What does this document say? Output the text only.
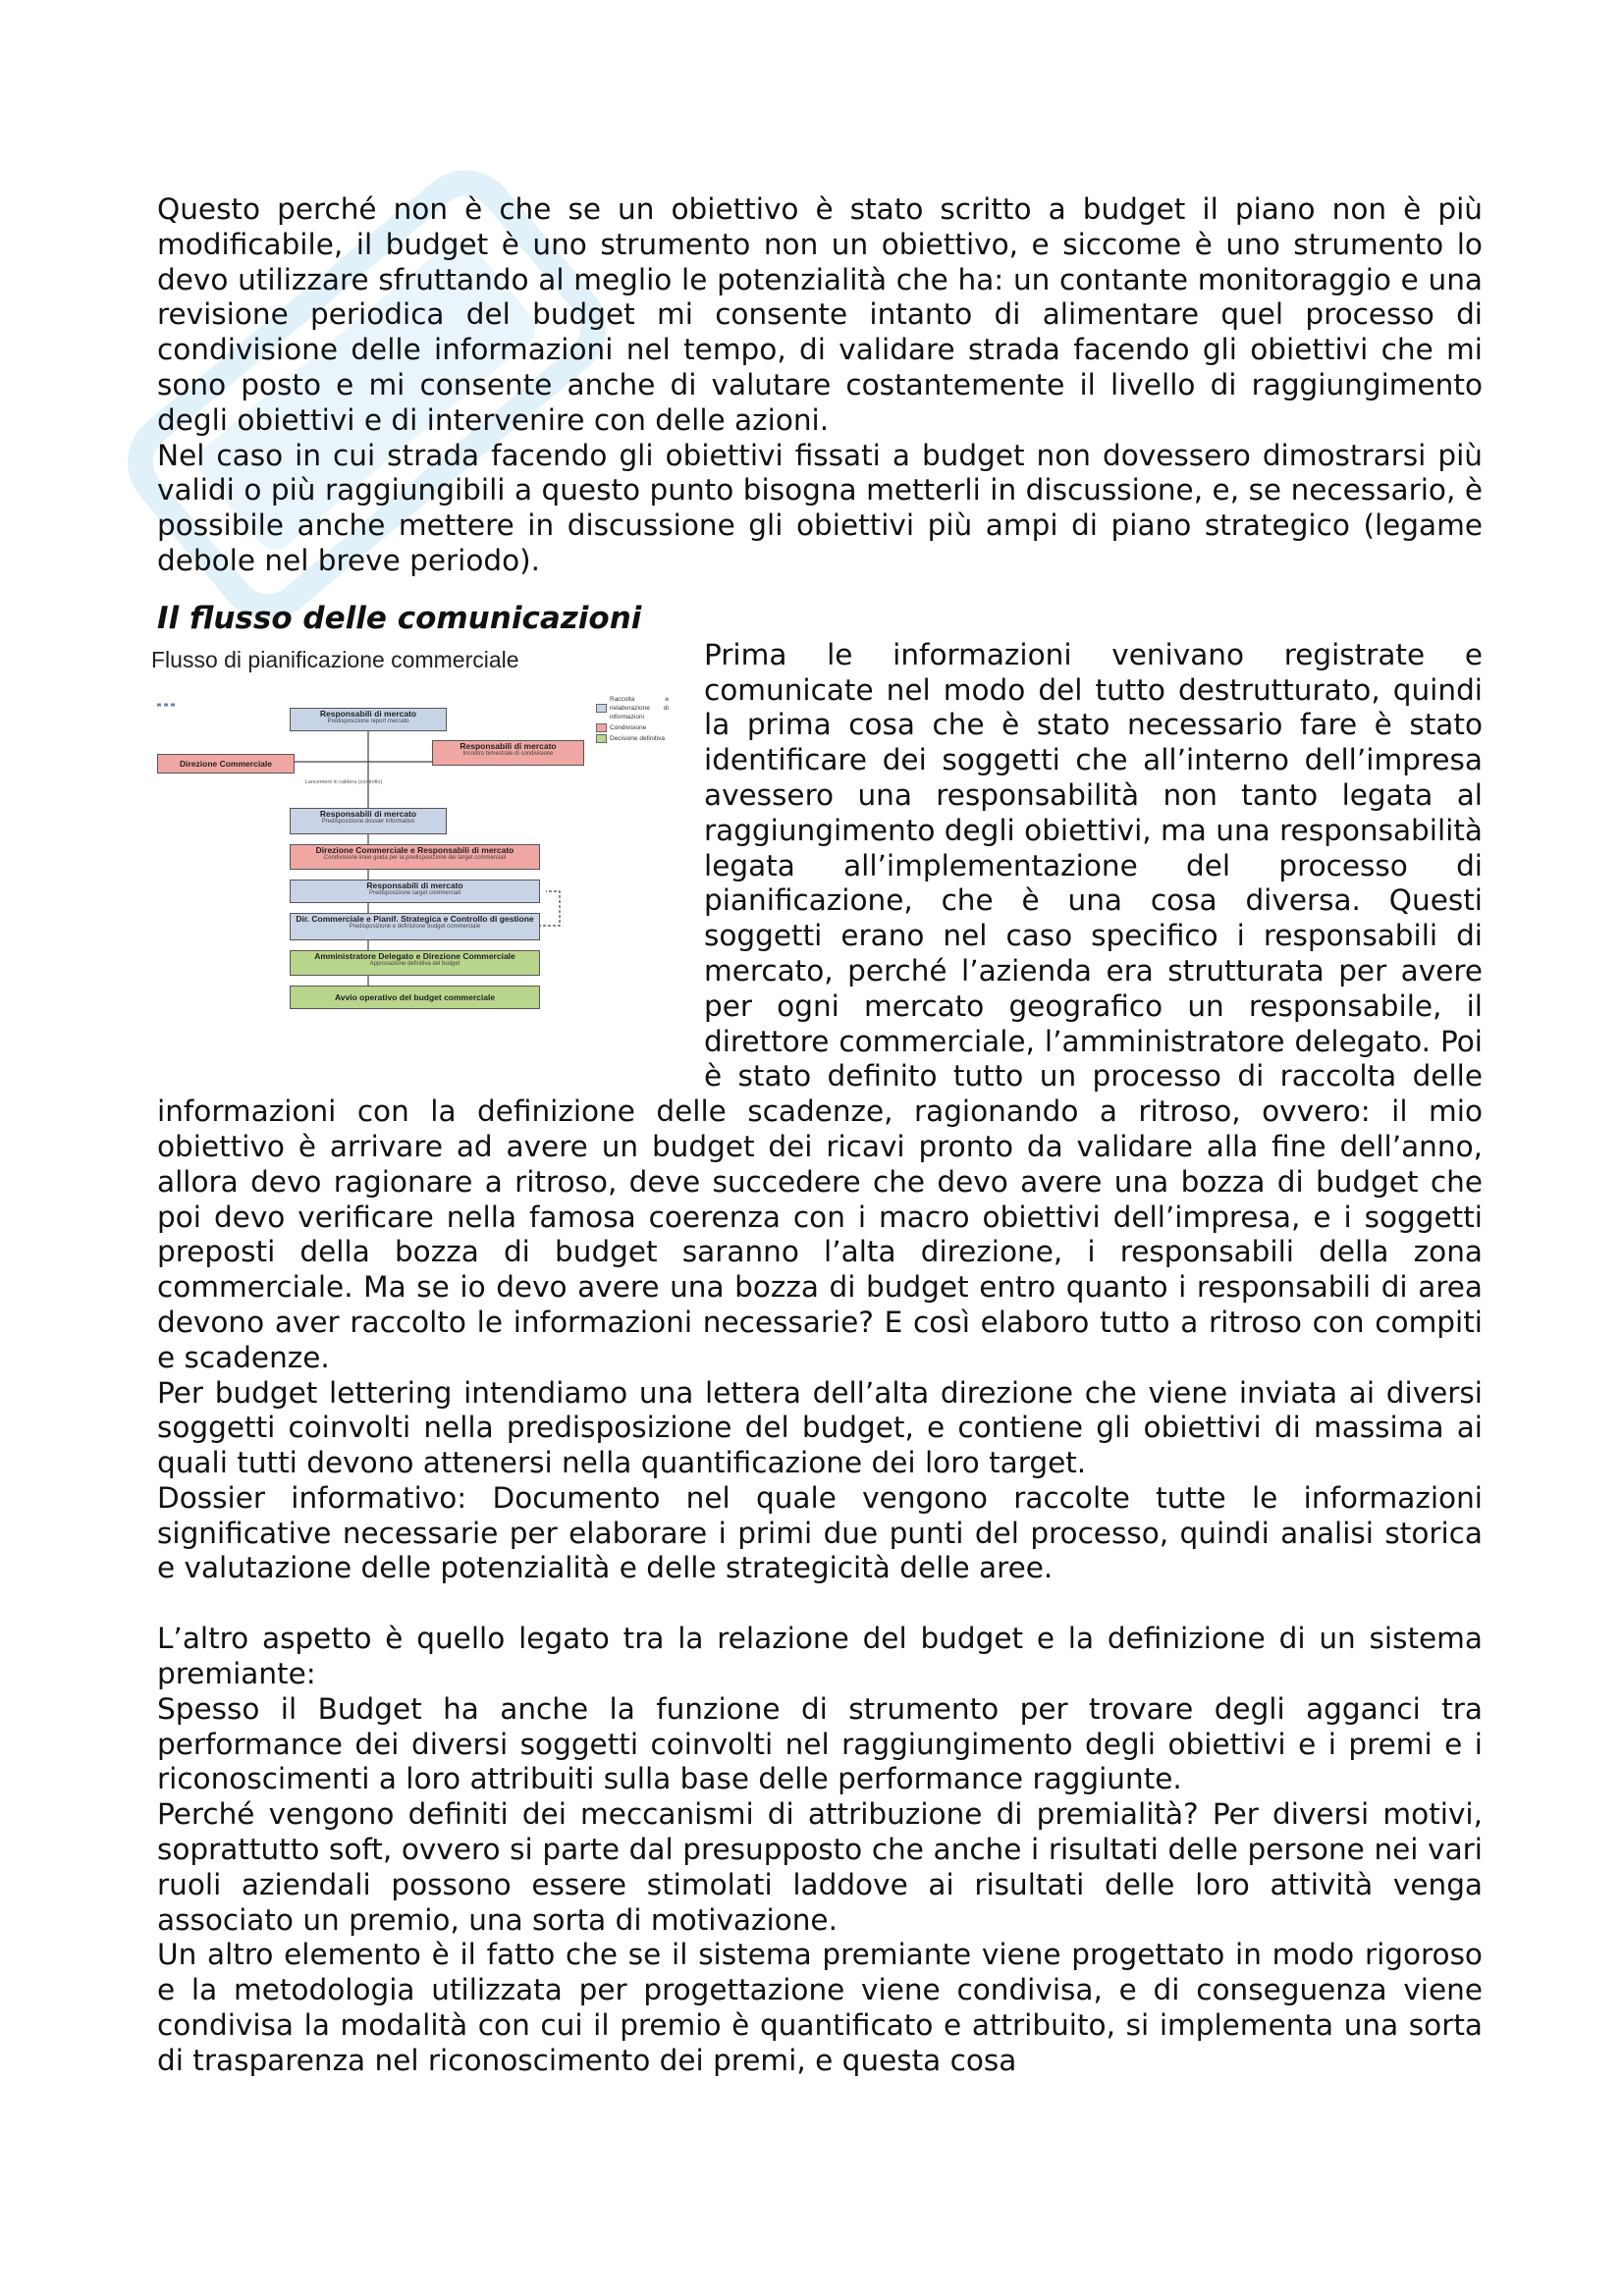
Questo perché non è che se un obiettivo è stato scritto a budget il piano non è più modificabile, il budget è uno strumento non un obiettivo, e siccome è uno strumento lo devo utilizzare sfruttando al meglio le potenzialità che ha: un contante monitoraggio e una revisione periodica del budget mi consente intanto di alimentare quel processo di condivisione delle informazioni nel tempo, di validare strada facendo gli obiettivi che mi sono posto e mi consente anche di valutare costantemente il livello di raggiungimento degli obiettivi e di intervenire con delle azioni.

Nel caso in cui strada facendo gli obiettivi fissati a budget non dovessero dimostrarsi più validi o più raggiungibili a questo punto bisogna metterli in discussione, e, se necessario, è possibile anche mettere in discussione gli obiettivi più ampi di piano strategico (legame debole nel breve periodo).

Il flusso delle comunicazioni
Flusso di pianificazione commerciale
Responsabili di mercato
Predisposizione report mercato
Responsabili di mercato
Incontro bimestrale di condivisione
Direzione Commerciale
Lancement in caldera (controllo)
Responsabili di mercato
Predisposizione dossier informativo
Direzione Commerciale e Responsabili di mercato
Condivisione linee guida per la predisposizione dei target commerciali
Responsabili di mercato
Predisposizione target commerciali
Dir. Commerciale e Pianif. Strategica e Controllo di gestione
Predisposizione e definizione budget commerciale
Amministratore Delegato e Direzione Commerciale
Approvazione definitiva del budget
Avvio operativo del budget commerciale
Raccolta e rielaborazione di informazioni
Condivisione
Decisione definitiva

Prima le informazioni venivano registrate e comunicate nel modo del tutto destrutturato, quindi la prima cosa che è stato necessario fare è stato identificare dei soggetti che all’interno dell’impresa avessero una responsabilità non tanto legata al raggiungimento degli obiettivi, ma una responsabilità legata all’implementazione del processo di pianificazione, che è una cosa diversa. Questi soggetti erano nel caso specifico i responsabili di mercato, perché l’azienda era strutturata per avere per ogni mercato geografico un responsabile, il direttore commerciale, l’amministratore delegato. Poi è stato definito tutto un processo di raccolta delle informazioni con la definizione delle scadenze, ragionando a ritroso, ovvero: il mio obiettivo è arrivare ad avere un budget dei ricavi pronto da validare alla fine dell’anno, allora devo ragionare a ritroso, deve succedere che devo avere una bozza di budget che poi devo verificare nella famosa coerenza con i macro obiettivi dell’impresa, e i soggetti preposti della bozza di budget saranno l’alta direzione, i responsabili della zona commerciale. Ma se io devo avere una bozza di budget entro quanto i responsabili di area devono aver raccolto le informazioni necessarie? E così elaboro tutto a ritroso con compiti e scadenze.

Per budget lettering intendiamo una lettera dell’alta direzione che viene inviata ai diversi soggetti coinvolti nella predisposizione del budget, e contiene gli obiettivi di massima ai quali tutti devono attenersi nella quantificazione dei loro target.

Dossier informativo: Documento nel quale vengono raccolte tutte le informazioni significative necessarie per elaborare i primi due punti del processo, quindi analisi storica e valutazione delle potenzialità e delle strategicità delle aree.

L’altro aspetto è quello legato tra la relazione del budget e la definizione di un sistema premiante:

Spesso il Budget ha anche la funzione di strumento per trovare degli agganci tra performance dei diversi soggetti coinvolti nel raggiungimento degli obiettivi e i premi e i riconoscimenti a loro attribuiti sulla base delle performance raggiunte.

Perché vengono definiti dei meccanismi di attribuzione di premialità? Per diversi motivi, soprattutto soft, ovvero si parte dal presupposto che anche i risultati delle persone nei vari ruoli aziendali possono essere stimolati laddove ai risultati delle loro attività venga associato un premio, una sorta di motivazione.

Un altro elemento è il fatto che se il sistema premiante viene progettato in modo rigoroso e la metodologia utilizzata per progettazione viene condivisa, e di conseguenza viene condivisa la modalità con cui il premio è quantificato e attribuito, si implementa una sorta di trasparenza nel riconoscimento dei premi, e questa cosa
